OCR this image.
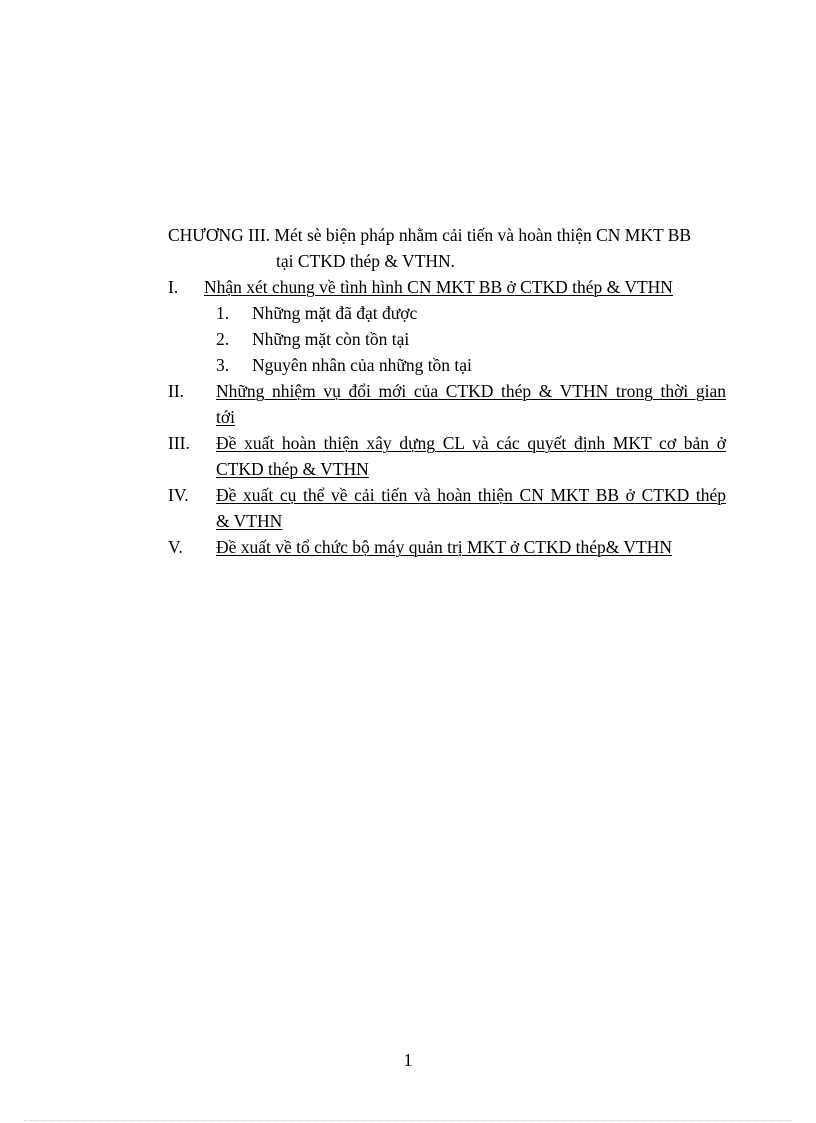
CHƯƠNG III. Mét sè biện pháp nhằm cải tiến và hoàn thiện CN MKT BB
tại CTKD thép & VTHN.
I. Nhận xét chung về tình hình CN MKT BB ở CTKD thép & VTHN
1. Những mặt đã đạt được
2. Những mặt còn tồn tại
3. Nguyên nhân của những tồn tại
II. Những nhiệm vụ đổi mới của CTKD thép & VTHN trong thời gian
tới
III. Đề xuất hoàn thiện xây dựng CL và các quyết định MKT cơ bản ở
CTKD thép & VTHN
IV. Đề xuất cụ thể về cải tiến và hoàn thiện CN MKT BB ở CTKD thép
& VTHN
V. Đề xuất về tổ chức bộ máy quản trị MKT ở CTKD thép& VTHN
1
